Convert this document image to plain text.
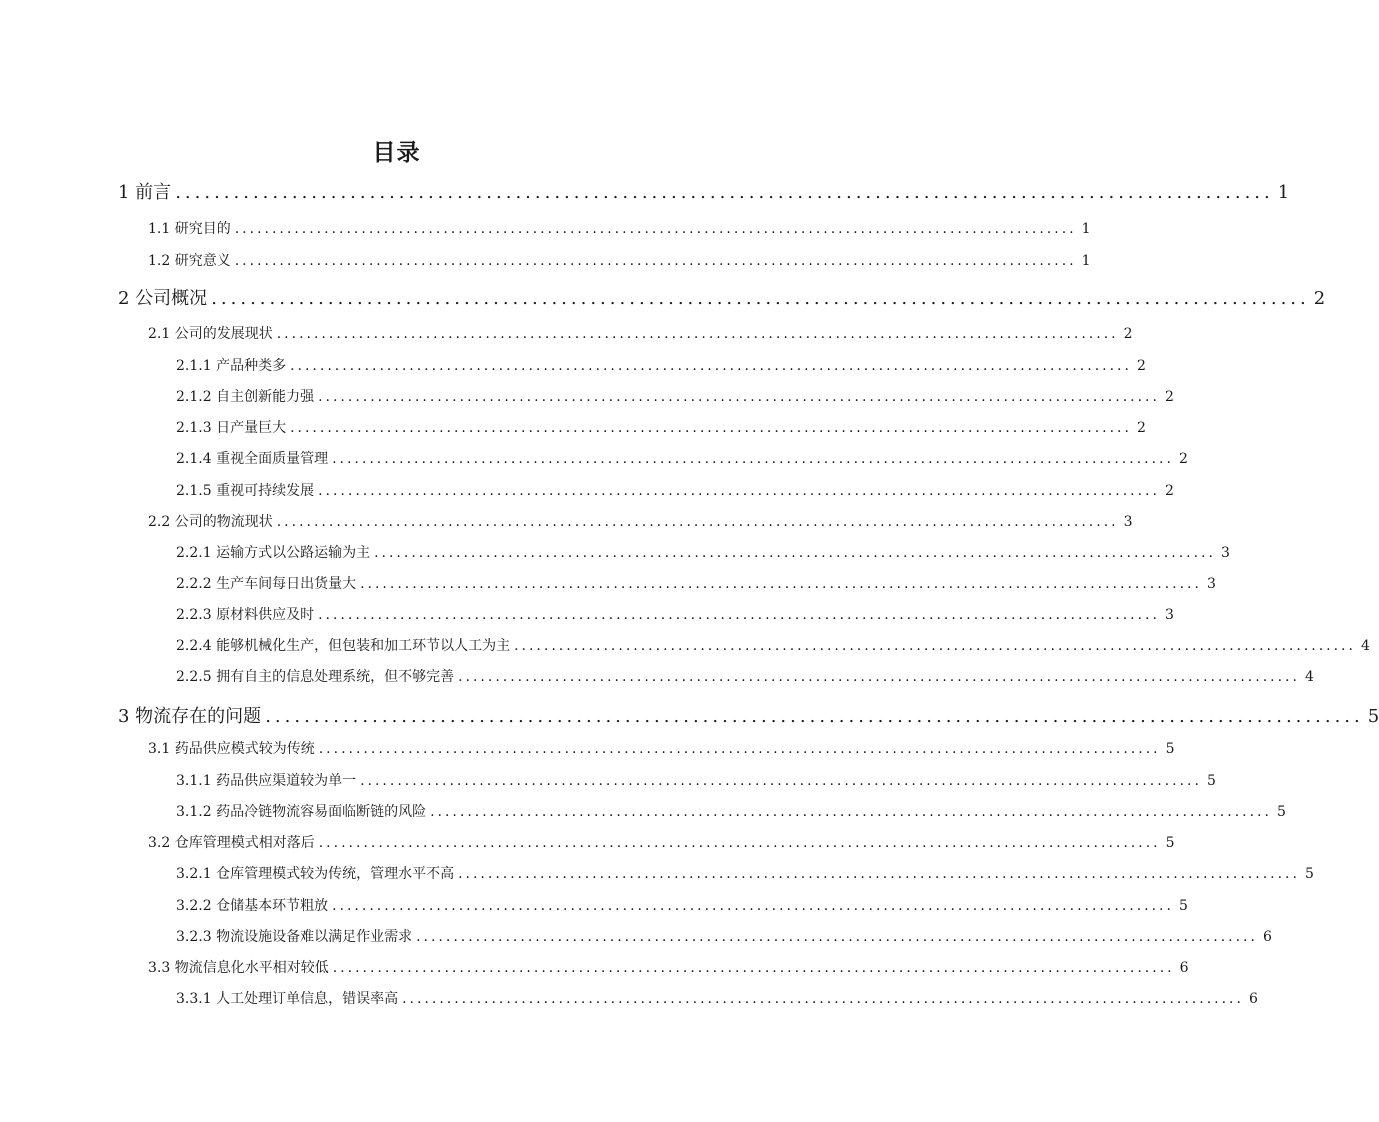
目录
1 前言 ................................................................................................................. 1
1.1 研究目的 ................................................................................................................. 1
1.2 研究意义 ................................................................................................................. 1
2 公司概况 ................................................................................................................. 2
2.1 公司的发展现状 ................................................................................................................. 2
2.1.1 产品种类多 ................................................................................................................. 2
2.1.2 自主创新能力强 ................................................................................................................. 2
2.1.3 日产量巨大 ................................................................................................................. 2
2.1.4 重视全面质量管理 ................................................................................................................. 2
2.1.5 重视可持续发展 ................................................................................................................. 2
2.2 公司的物流现状 ................................................................................................................. 3
2.2.1 运输方式以公路运输为主 ................................................................................................................. 3
2.2.2 生产车间每日出货量大 ................................................................................................................. 3
2.2.3 原材料供应及时 ................................................................................................................. 3
2.2.4 能够机械化生产，但包装和加工环节以人工为主 ................................................................................................................. 4
2.2.5 拥有自主的信息处理系统，但不够完善 ................................................................................................................. 4
3 物流存在的问题 ................................................................................................................. 5
3.1 药品供应模式较为传统 ................................................................................................................. 5
3.1.1 药品供应渠道较为单一 ................................................................................................................. 5
3.1.2 药品冷链物流容易面临断链的风险 ................................................................................................................. 5
3.2 仓库管理模式相对落后 ................................................................................................................. 5
3.2.1 仓库管理模式较为传统，管理水平不高 ................................................................................................................. 5
3.2.2 仓储基本环节粗放 ................................................................................................................. 5
3.2.3 物流设施设备难以满足作业需求 ................................................................................................................. 6
3.3 物流信息化水平相对较低 ................................................................................................................. 6
3.3.1 人工处理订单信息，错误率高 ................................................................................................................. 6
